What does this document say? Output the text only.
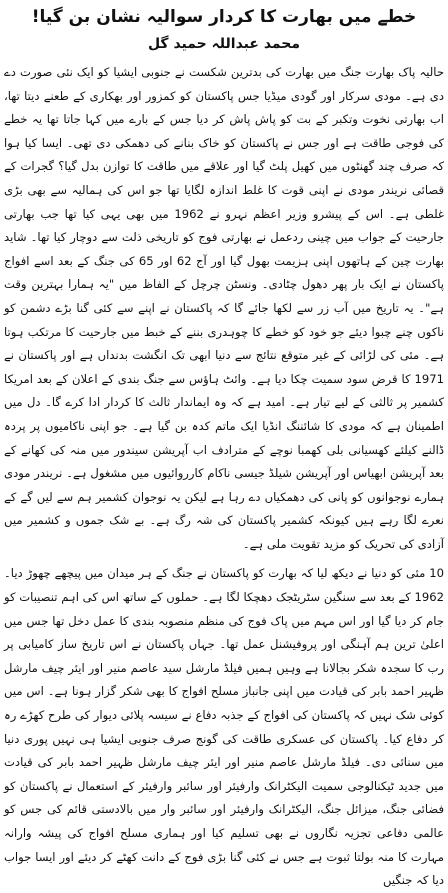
خطے میں بھارت کا کردار سوالیہ نشان بن گیا!
محمد عبداللہ حمید گل

حالیہ پاک بھارت جنگ میں بھارت کی بدترین شکست نے جنوبی ایشیا کو ایک نئی صورت دے دی ہے۔ مودی سرکار اور گودی میڈیا جس پاکستان کو کمزور اور بھکاری کے طعنے دیتا تھا، اب بھارتی نخوت وتکبر کے بت کو پاش پاش کر دیا جس کے بارے میں کہا جاتا تھا یہ خطے کی فوجی طاقت ہے اور جس نے پاکستان کو خاک بنانے کی دھمکی دی تھی۔ ایسا کیا ہوا کہ صرف چند گھنٹوں میں کھیل پلٹ گیا اور علاقے میں طاقت کا توازن بدل گیا؟ گجرات کے قصائی نریندر مودی نے اپنی قوت کا غلط اندازہ لگایا تھا جو اس کی ہمالیہ سے بھی بڑی غلطی ہے۔ اس کے پیشرو وزیر اعظم نہرو نے 1962 میں بھی یہی کیا تھا جب بھارتی جارحیت کے جواب میں چینی ردعمل نے بھارتی فوج کو تاریخی ذلت سے دوچار کیا تھا۔ شاید بھارت چین کے ہاتھوں اپنی ہزیمت بھول گیا اور آج 62 اور 65 کی جنگ کے بعد اسے افواج پاکستان نے ایک بار پھر دھول چٹادی۔ ونسٹن چرچل کے الفاظ میں "یہ ہمارا بہترین وقت ہے"۔ یہ تاریخ میں آب زر سے لکھا جائے گا کہ پاکستان نے اپنے سے کئی گنا بڑے دشمن کو ناکوں چنے چبوا دیئے جو خود کو خطے کا چوہدری بننے کے خبط میں جارحیت کا مرتکب ہوتا ہے۔ مئی کی لڑائی کے غیر متوقع نتائج سے دنیا ابھی تک انگشت بدنداں ہے اور پاکستان نے 1971 کا قرض سود سمیت چکا دیا ہے۔ وائٹ ہاؤس سے جنگ بندی کے اعلان کے بعد امریکا کشمیر پر ثالثی کے لیے تیار ہے۔ امید ہے کہ وہ ایماندار ثالث کا کردار ادا کرے گا۔ دل میں اطمینان ہے کہ مودی کا شائننگ انڈیا ایک ماتم کدہ بن گیا ہے۔ جو اپنی ناکامیوں پر پردہ ڈالنے کیلئے کھسیانی بلی کھمبا نوچے کے مترادف اب آپریشن سیندور میں منہ کی کھانے کے بعد آپریشن ابھیاس اور آپریشن شیلڈ جیسی ناکام کارروائیوں میں مشغول ہے۔ نریندر مودی ہمارے نوجوانوں کو پانی کی دھمکیاں دے رہا ہے لیکن یہ نوجوان کشمیر ہم سے لیں گے کے نعرے لگا رہے ہیں کیونکہ کشمیر پاکستان کی شہ رگ ہے۔ بے شک جموں و کشمیر میں آزادی کی تحریک کو مزید تقویت ملی ہے۔

10 مئی کو دنیا نے دیکھ لیا کہ بھارت کو پاکستان نے جنگ کے ہر میدان میں پیچھے چھوڑ دیا۔ 1962 کے بعد سے سنگین سٹریٹجک دھچکا لگا ہے۔ حملوں کے ساتھ اس کی اہم تنصیبات کو جام کر دیا گیا اور اس مہم میں پاک فوج کی منظم منصوبہ بندی کا عمل دخل تھا جس میں اعلیٰ ترین ہم آہنگی اور پروفیشنل عمل تھا۔ جہاں پاکستان نے اس تاریخ ساز کامیابی پر رب کا سجدہ شکر بجالانا ہے وہیں ہمیں فیلڈ مارشل سید عاصم منیر اور ایئر چیف مارشل ظہیر احمد بابر کی قیادت میں اپنی جانباز مسلح افواج کا بھی شکر گزار ہونا ہے۔ اس میں کوئی شک نہیں کہ پاکستان کی افواج کے جذبہ دفاع نے سیسہ پلائی دیوار کی طرح کھڑے رہ کر دفاع کیا۔ پاکستان کی عسکری طاقت کی گونج صرف جنوبی ایشیا ہی نہیں پوری دنیا میں سنائی دی۔ فیلڈ مارشل عاصم منیر اور ایئر چیف مارشل ظہیر احمد بابر کی قیادت میں جدید ٹیکنالوجی سمیت الیکٹرانک وارفیئر اور سائبر وارفیئر کے استعمال نے پاکستان کو فضائی جنگ، میزائل جنگ، الیکٹرانک وارفیئر اور سائبر وار میں بالادستی قائم کی جس کو عالمی دفاعی تجزیہ نگاروں نے بھی تسلیم کیا اور ہماری مسلح افواج کی پیشہ وارانہ مہارت کا منہ بولتا ثبوت ہے جس نے کئی گنا بڑی فوج کے دانت کھٹے کر دیئے اور ایسا جواب دیا کہ جنگیں
